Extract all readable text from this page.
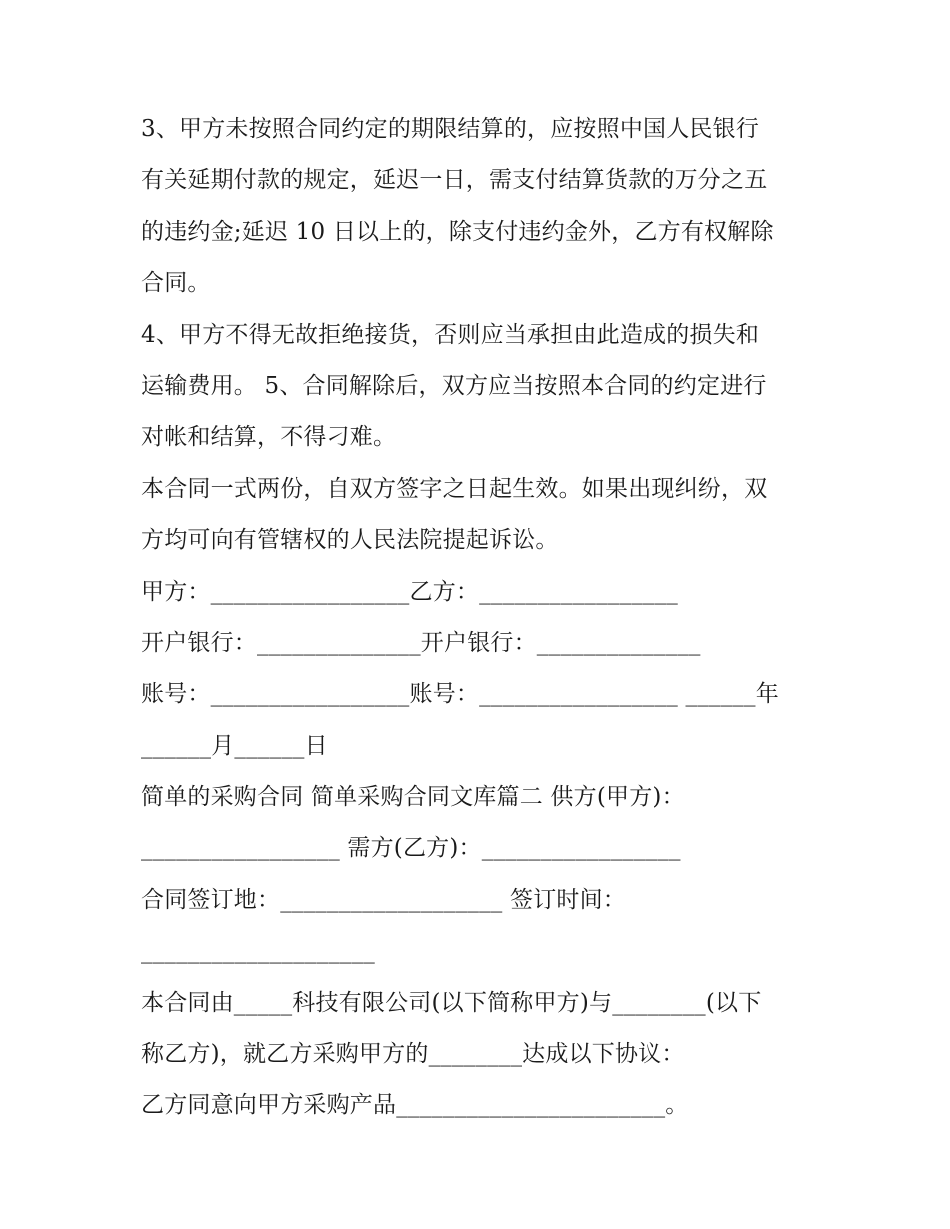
3、甲方未按照合同约定的期限结算的，应按照中国人民银行
有关延期付款的规定，延迟一日，需支付结算货款的万分之五
的违约金;延迟 10 日以上的，除支付违约金外，乙方有权解除
合同。
4、甲方不得无故拒绝接货，否则应当承担由此造成的损失和
运输费用。 5、合同解除后，双方应当按照本合同的约定进行
对帐和结算，不得刁难。
本合同一式两份，自双方签字之日起生效。如果出现纠纷，双
方均可向有管辖权的人民法院提起诉讼。
甲方：_________________乙方：_________________
开户银行：______________开户银行：______________
账号：_________________账号：_________________ ______年
______月______日
简单的采购合同 简单采购合同文库篇二 供方(甲方)：
_________________ 需方(乙方)：_________________
合同签订地：___________________ 签订时间：
____________________
本合同由_____科技有限公司(以下简称甲方)与________(以下
称乙方)，就乙方采购甲方的________达成以下协议：
乙方同意向甲方采购产品_______________________。
